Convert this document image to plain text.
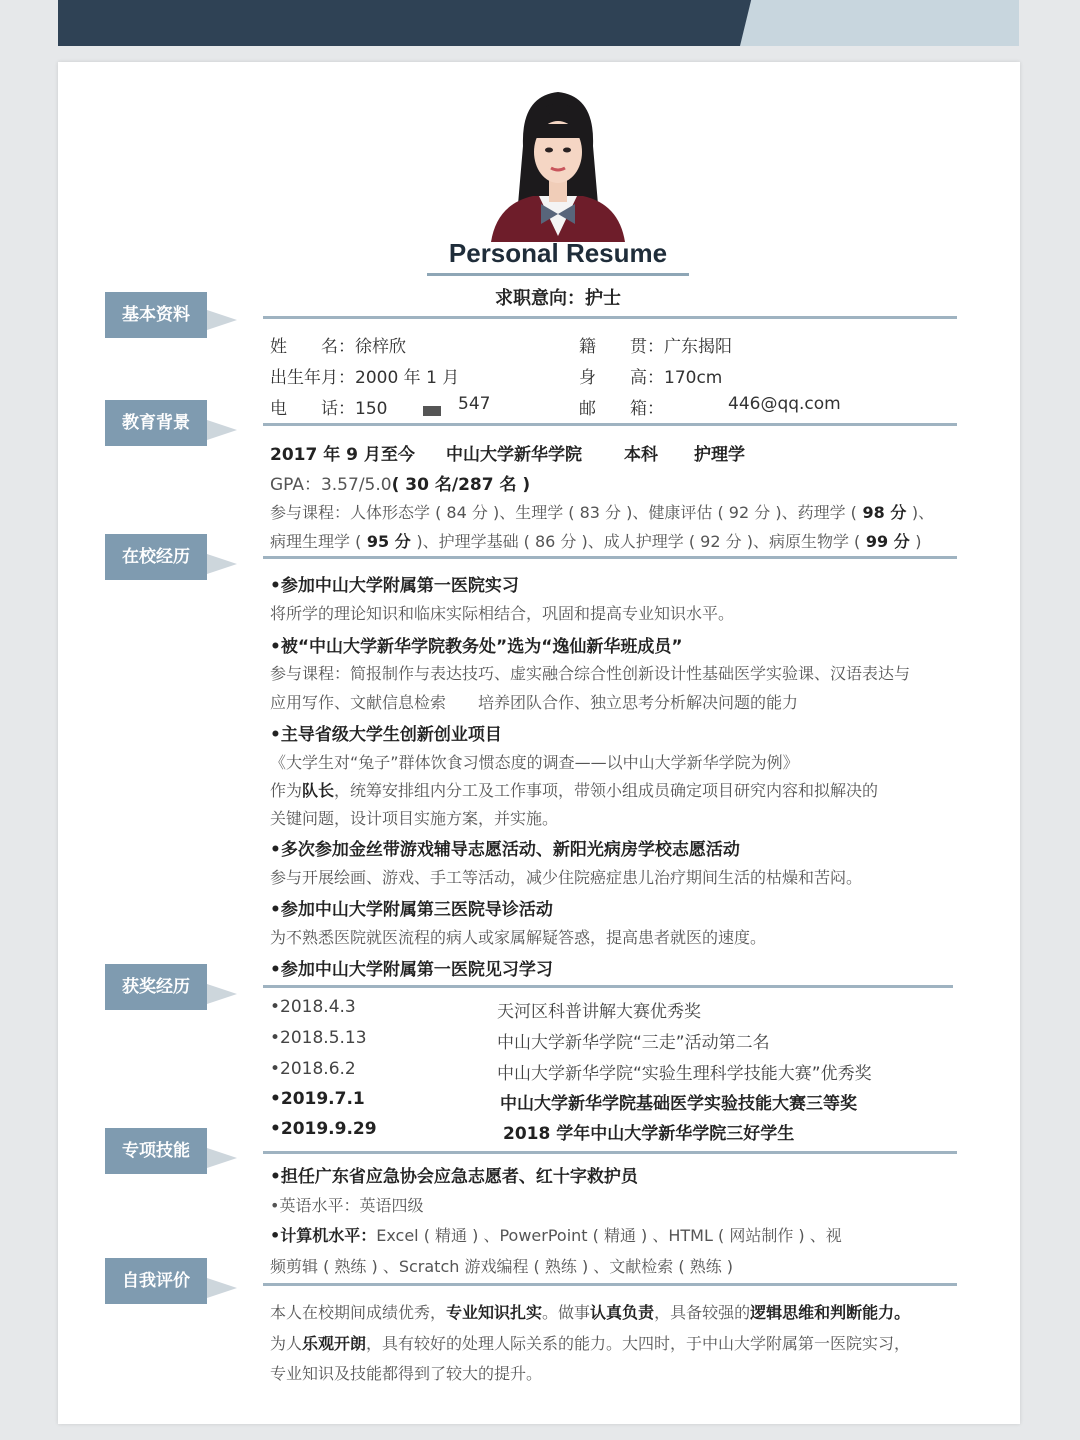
Personal Resume
求职意向：护士
基本资料
教育背景
在校经历
获奖经历
专项技能
自我评价
姓　　名：徐梓欣	籍　　贯：广东揭阳
出生年月：2000 年 1 月	身　　高：170cm
电　　话：150	547	邮　　箱：	446@qq.com
2017 年 9 月至今 中山大学新华学院 本科 护理学
GPA：3.57/5.0( 30 名/287 名 )
参与课程：人体形态学 ( 84 分 )、生理学 ( 83 分 )、健康评估 ( 92 分 )、药理学 ( 98 分 )、
病理生理学 ( 95 分 )、护理学基础 ( 86 分 )、成人护理学 ( 92 分 )、病原生物学 ( 99 分 )
•参加中山大学附属第一医院实习
将所学的理论知识和临床实际相结合，巩固和提高专业知识水平。
•被“中山大学新华学院教务处”选为“逸仙新华班成员”
参与课程：简报制作与表达技巧、虚实融合综合性创新设计性基础医学实验课、汉语表达与
应用写作、文献信息检索　　培养团队合作、独立思考分析解决问题的能力
•主导省级大学生创新创业项目
《大学生对“兔子”群体饮食习惯态度的调查——以中山大学新华学院为例》
作为队长，统筹安排组内分工及工作事项，带领小组成员确定项目研究内容和拟解决的
关键问题，设计项目实施方案，并实施。
•多次参加金丝带游戏辅导志愿活动、新阳光病房学校志愿活动
参与开展绘画、游戏、手工等活动，减少住院癌症患儿治疗期间生活的枯燥和苦闷。
•参加中山大学附属第三医院导诊活动
为不熟悉医院就医流程的病人或家属解疑答惑，提高患者就医的速度。
•参加中山大学附属第一医院见习学习
•2018.4.3	天河区科普讲解大赛优秀奖
•2018.5.13	中山大学新华学院“三走”活动第二名
•2018.6.2	中山大学新华学院“实验生理科学技能大赛”优秀奖
•2019.7.1	中山大学新华学院基础医学实验技能大赛三等奖
•2019.9.29	2018 学年中山大学新华学院三好学生
•担任广东省应急协会应急志愿者、红十字救护员
•英语水平：英语四级
•计算机水平：Excel ( 精通 ) 、PowerPoint ( 精通 ) 、HTML ( 网站制作 ) 、视
频剪辑 ( 熟练 ) 、Scratch 游戏编程 ( 熟练 ) 、文献检索 ( 熟练 )
本人在校期间成绩优秀，专业知识扎实。做事认真负责，具备较强的逻辑思维和判断能力。
为人乐观开朗，具有较好的处理人际关系的能力。大四时，于中山大学附属第一医院实习，
专业知识及技能都得到了较大的提升。
